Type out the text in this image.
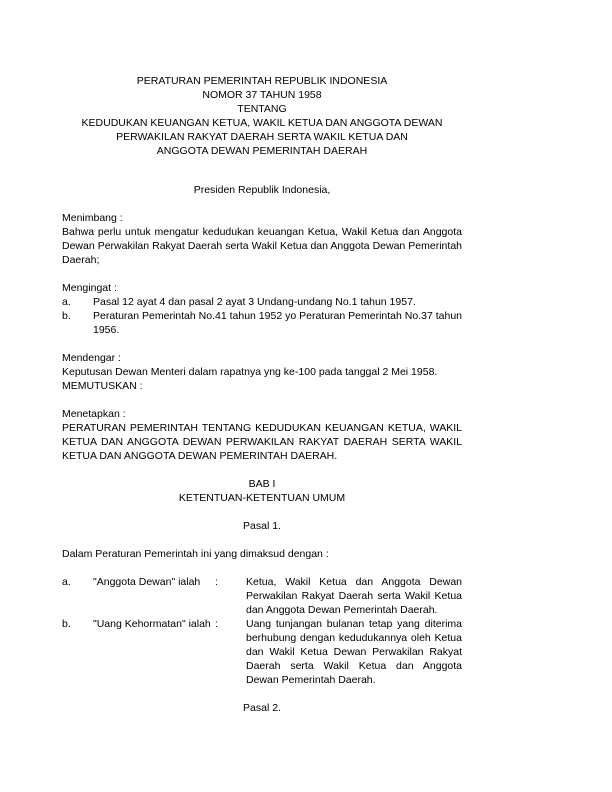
PERATURAN PEMERINTAH REPUBLIK INDONESIA
NOMOR 37 TAHUN 1958
TENTANG
KEDUDUKAN KEUANGAN KETUA, WAKIL KETUA DAN ANGGOTA DEWAN
PERWAKILAN RAKYAT DAERAH SERTA WAKIL KETUA DAN
ANGGOTA DEWAN PEMERINTAH DAERAH
Presiden Republik Indonesia,
Menimbang :
Bahwa perlu untuk mengatur kedudukan keuangan Ketua, Wakil Ketua dan Anggota Dewan Perwakilan Rakyat Daerah serta Wakil Ketua dan Anggota Dewan Pemerintah Daerah;
Mengingat :
a.	Pasal 12 ayat 4 dan pasal 2 ayat 3 Undang-undang No.1 tahun 1957.
b.	Peraturan Pemerintah No.41 tahun 1952 yo Peraturan Pemerintah No.37 tahun 1956.
Mendengar :
Keputusan Dewan Menteri dalam rapatnya yng ke-100 pada tanggal 2 Mei 1958.
MEMUTUSKAN :
Menetapkan :
PERATURAN PEMERINTAH TENTANG KEDUDUKAN KEUANGAN KETUA, WAKIL KETUA DAN ANGGOTA DEWAN PERWAKILAN RAKYAT DAERAH SERTA WAKIL KETUA DAN ANGGOTA DEWAN PEMERINTAH DAERAH.
BAB I
KETENTUAN-KETENTUAN UMUM
Pasal 1.
Dalam Peraturan Pemerintah ini yang dimaksud dengan :
a.	"Anggota Dewan" ialah	:	Ketua, Wakil Ketua dan Anggota Dewan Perwakilan Rakyat Daerah serta Wakil Ketua dan Anggota Dewan Pemerintah Daerah.
b.	"Uang Kehormatan" ialah :	Uang tunjangan bulanan tetap yang diterima berhubung dengan kedudukannya oleh Ketua dan Wakil Ketua Dewan Perwakilan Rakyat Daerah serta Wakil Ketua dan Anggota Dewan Pemerintah Daerah.
Pasal 2.
